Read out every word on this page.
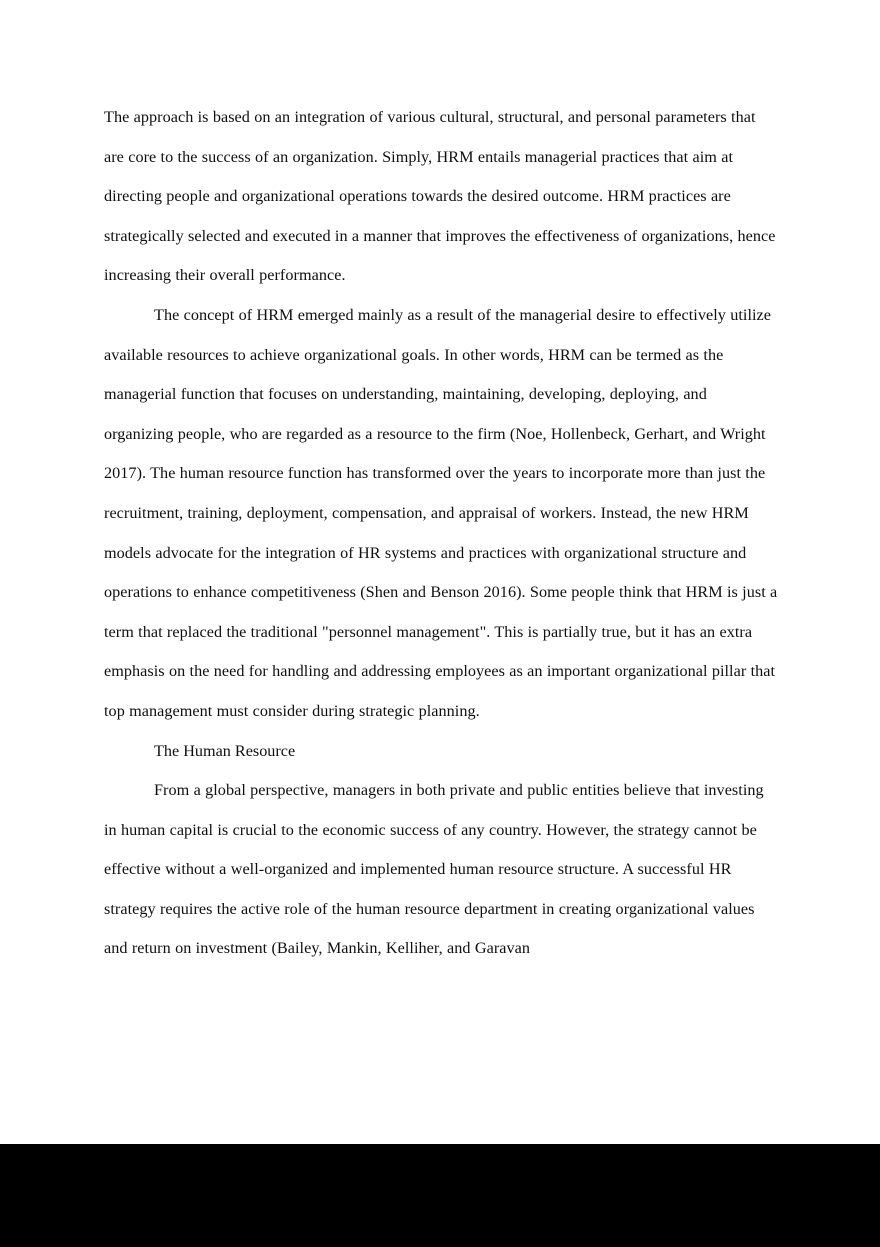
The approach is based on an integration of various cultural, structural, and personal parameters that are core to the success of an organization. Simply, HRM entails managerial practices that aim at directing people and organizational operations towards the desired outcome. HRM practices are strategically selected and executed in a manner that improves the effectiveness of organizations, hence increasing their overall performance.

The concept of HRM emerged mainly as a result of the managerial desire to effectively utilize available resources to achieve organizational goals. In other words, HRM can be termed as the managerial function that focuses on understanding, maintaining, developing, deploying, and organizing people, who are regarded as a resource to the firm (Noe, Hollenbeck, Gerhart, and Wright 2017). The human resource function has transformed over the years to incorporate more than just the recruitment, training, deployment, compensation, and appraisal of workers. Instead, the new HRM models advocate for the integration of HR systems and practices with organizational structure and operations to enhance competitiveness (Shen and Benson 2016). Some people think that HRM is just a term that replaced the traditional "personnel management". This is partially true, but it has an extra emphasis on the need for handling and addressing employees as an important organizational pillar that top management must consider during strategic planning.

The Human Resource

From a global perspective, managers in both private and public entities believe that investing in human capital is crucial to the economic success of any country. However, the strategy cannot be effective without a well-organized and implemented human resource structure. A successful HR strategy requires the active role of the human resource department in creating organizational values and return on investment (Bailey, Mankin, Kelliher, and Garavan
